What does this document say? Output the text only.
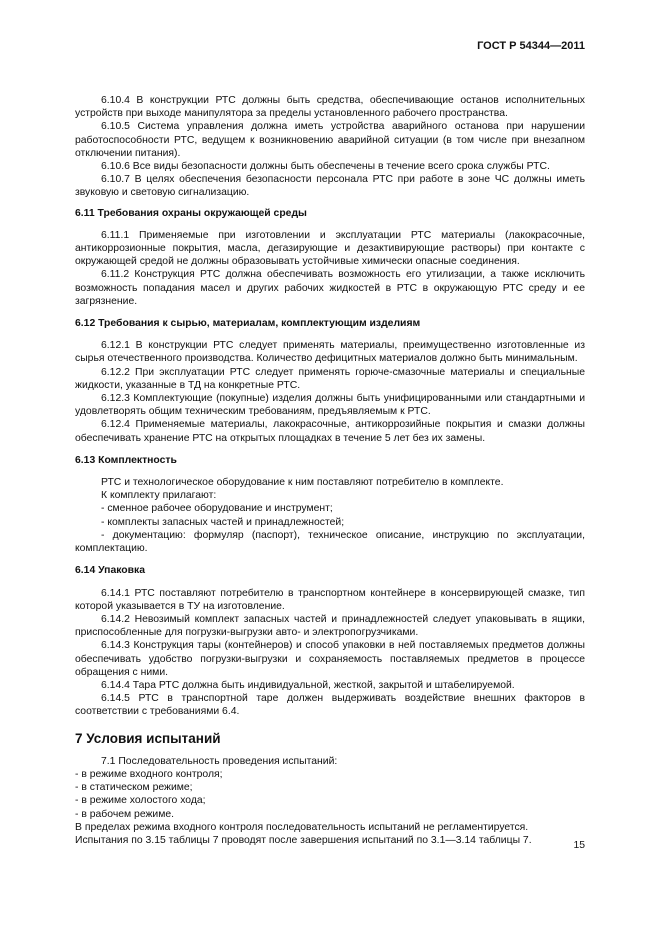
ГОСТ Р 54344—2011

6.10.4 В конструкции РТС должны быть средства, обеспечивающие останов исполнительных устройств при выходе манипулятора за пределы установленного рабочего пространства.

6.10.5 Система управления должна иметь устройства аварийного останова при нарушении работоспособности РТС, ведущем к возникновению аварийной ситуации (в том числе при внезапном отключении питания).

6.10.6 Все виды безопасности должны быть обеспечены в течение всего срока службы РТС.

6.10.7 В целях обеспечения безопасности персонала РТС при работе в зоне ЧС должны иметь звуковую и световую сигнализацию.

6.11 Требования охраны окружающей среды

6.11.1 Применяемые при изготовлении и эксплуатации РТС материалы (лакокрасочные, антикоррозионные покрытия, масла, дегазирующие и дезактивирующие растворы) при контакте с окружающей средой не должны образовывать устойчивые химически опасные соединения.

6.11.2 Конструкция РТС должна обеспечивать возможность его утилизации, а также исключить возможность попадания масел и других рабочих жидкостей в РТС в окружающую РТС среду и ее загрязнение.

6.12 Требования к сырью, материалам, комплектующим изделиям

6.12.1 В конструкции РТС следует применять материалы, преимущественно изготовленные из сырья отечественного производства. Количество дефицитных материалов должно быть минимальным.

6.12.2 При эксплуатации РТС следует применять горюче-смазочные материалы и специальные жидкости, указанные в ТД на конкретные РТС.

6.12.3 Комплектующие (покупные) изделия должны быть унифицированными или стандартными и удовлетворять общим техническим требованиям, предъявляемым к РТС.

6.12.4 Применяемые материалы, лакокрасочные, антикоррозийные покрытия и смазки должны обеспечивать хранение РТС на открытых площадках в течение 5 лет без их замены.

6.13 Комплектность

РТС и технологическое оборудование к ним поставляют потребителю в комплекте.

К комплекту прилагают:

- сменное рабочее оборудование и инструмент;

- комплекты запасных частей и принадлежностей;

- документацию: формуляр (паспорт), техническое описание, инструкцию по эксплуатации, комплектацию.

6.14 Упаковка

6.14.1 РТС поставляют потребителю в транспортном контейнере в консервирующей смазке, тип которой указывается в ТУ на изготовление.

6.14.2 Невозимый комплект запасных частей и принадлежностей следует упаковывать в ящики, приспособленные для погрузки-выгрузки авто- и электропогрузчиками.

6.14.3 Конструкция тары (контейнеров) и способ упаковки в ней поставляемых предметов должны обеспечивать удобство погрузки-выгрузки и сохраняемость поставляемых предметов в процессе обращения с ними.

6.14.4 Тара РТС должна быть индивидуальной, жесткой, закрытой и штабелируемой.

6.14.5 РТС в транспортной таре должен выдерживать воздействие внешних факторов в соответствии с требованиями 6.4.

7 Условия испытаний

7.1 Последовательность проведения испытаний:

- в режиме входного контроля;

- в статическом режиме;

- в режиме холостого хода;

- в рабочем режиме.

В пределах режима входного контроля последовательность испытаний не регламентируется.

Испытания по 3.15 таблицы 7 проводят после завершения испытаний по 3.1—3.14 таблицы 7.	15
